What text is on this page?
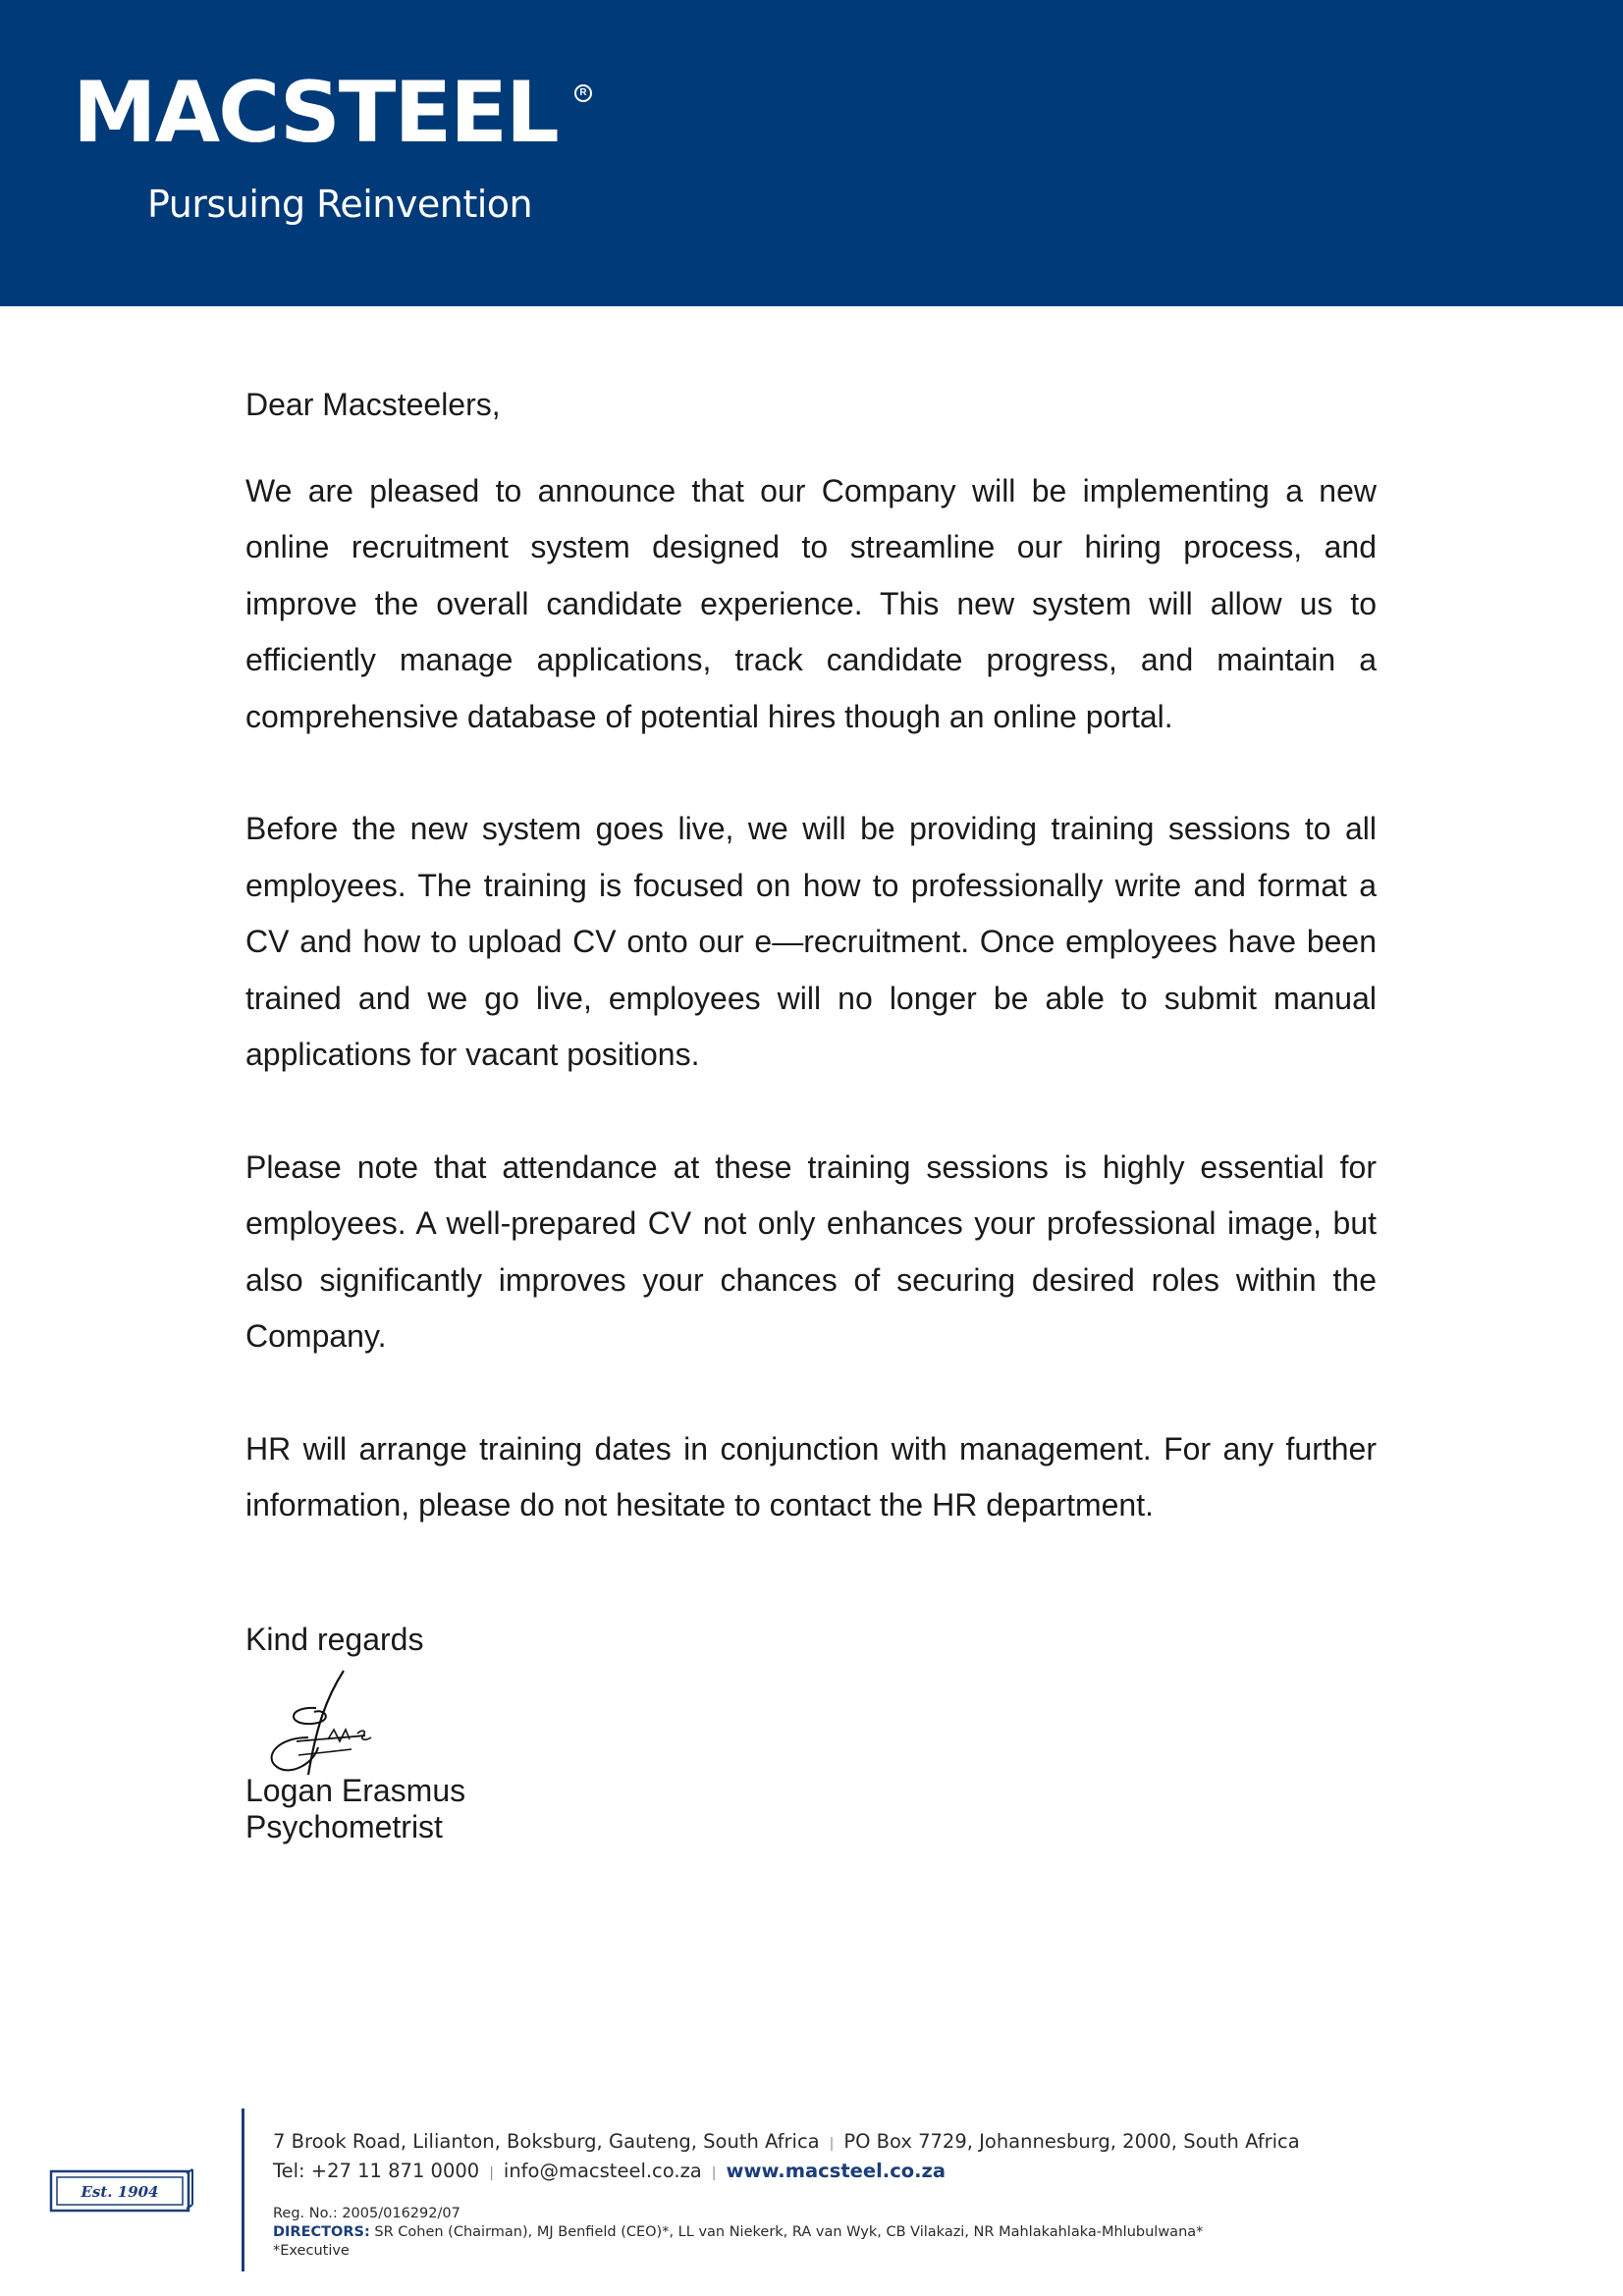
MACSTEEL	R

Pursuing Reinvention

Dear Macsteelers,

We are pleased to announce that our Company will be implementing a new online recruitment system designed to streamline our hiring process, and improve the overall candidate experience. This new system will allow us to efficiently manage applications, track candidate progress, and maintain a comprehensive database of potential hires though an online portal.

Before the new system goes live, we will be providing training sessions to all employees. The training is focused on how to professionally write and format a CV and how to upload CV onto our e—recruitment. Once employees have been trained and we go live, employees will no longer be able to submit manual applications for vacant positions.

Please note that attendance at these training sessions is highly essential for employees. A well-prepared CV not only enhances your professional image, but also significantly improves your chances of securing desired roles within the Company.

HR will arrange training dates in conjunction with management. For any further information, please do not hesitate to contact the HR department.

Kind regards
Logan Erasmus
Psychometrist
Est. 1904
7 Brook Road, Lilianton, Boksburg, Gauteng, South Africa | PO Box 7729, Johannesburg, 2000, South Africa
Tel: +27 11 871 0000 | info@macsteel.co.za | www.macsteel.co.za
Reg. No.: 2005/016292/07
DIRECTORS: SR Cohen (Chairman), MJ Benfield (CEO)*, LL van Niekerk, RA van Wyk, CB Vilakazi, NR Mahlakahlaka-Mhlubulwana*
*Executive
